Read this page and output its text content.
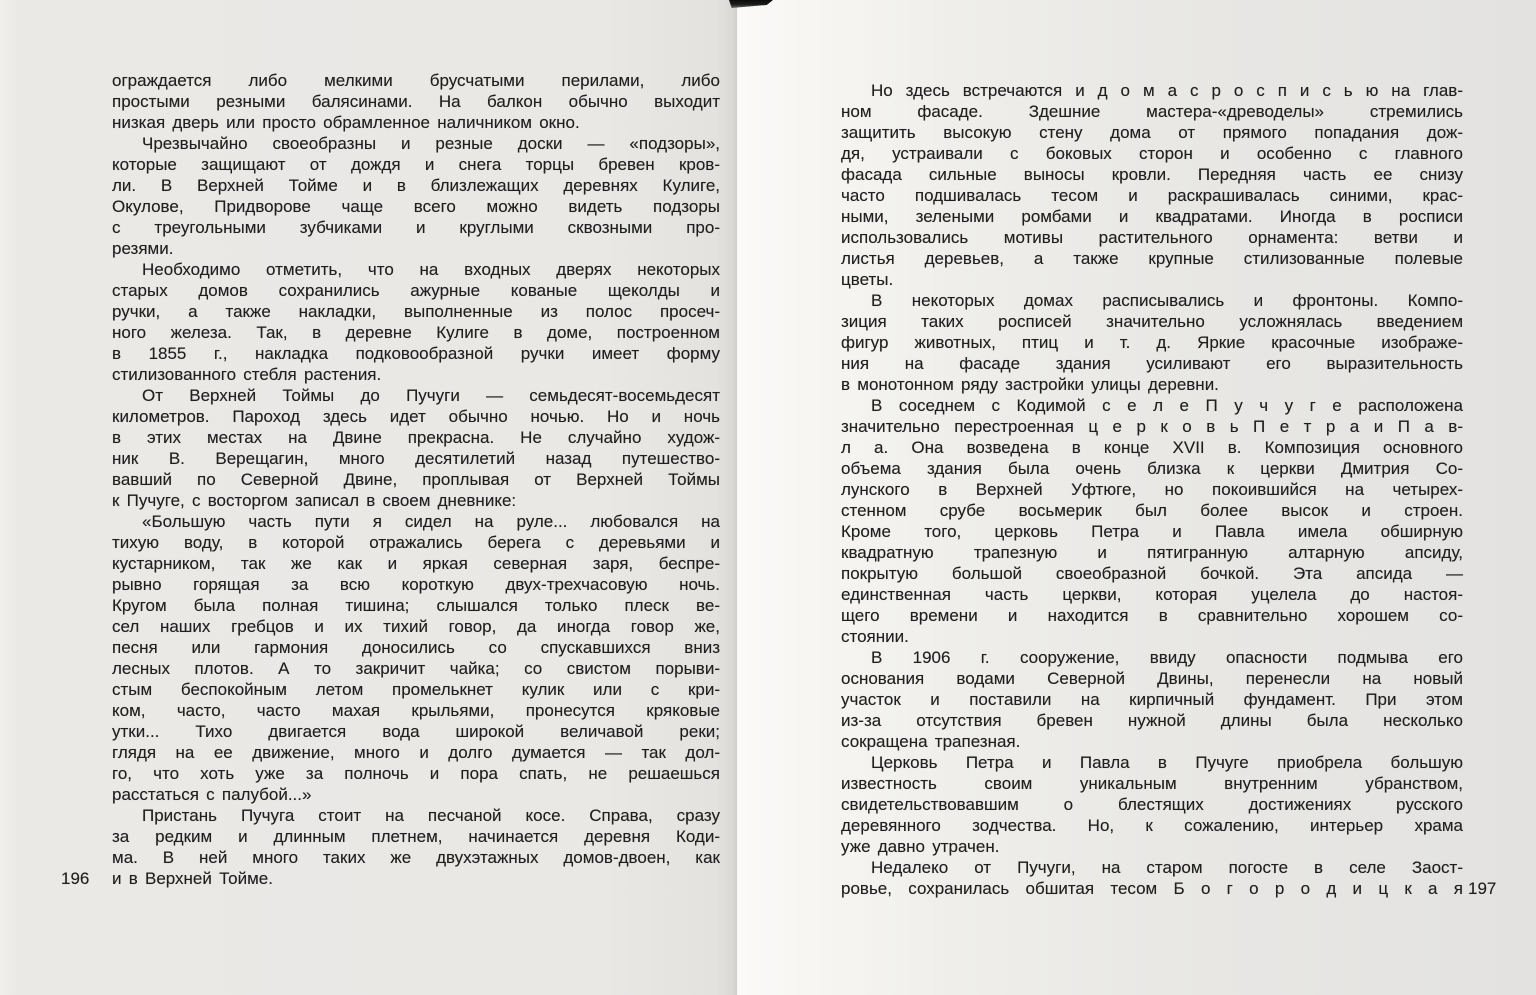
ограждается либо мелкими брусчатыми перилами, либо
простыми резными балясинами. На балкон обычно выходит
низкая дверь или просто обрамленное наличником окно.
Чрезвычайно своеобразны и резные доски — «подзоры»,
которые защищают от дождя и снега торцы бревен кров-
ли. В Верхней Тойме и в близлежащих деревнях Кулиге,
Окулове, Придворове чаще всего можно видеть подзоры
с треугольными зубчиками и круглыми сквозными про-
резями.
Необходимо отметить, что на входных дверях некоторых
старых домов сохранились ажурные кованые щеколды и
ручки, а также накладки, выполненные из полос просеч-
ного железа. Так, в деревне Кулиге в доме, построенном
в 1855 г., накладка подковообразной ручки имеет форму
стилизованного стебля растения.
От Верхней Тоймы до Пучуги — семьдесят-восемьдесят
километров. Пароход здесь идет обычно ночью. Но и ночь
в этих местах на Двине прекрасна. Не случайно худож-
ник В. Верещагин, много десятилетий назад путешество-
вавший по Северной Двине, проплывая от Верхней Тоймы
к Пучуге, с восторгом записал в своем дневнике:
«Большую часть пути я сидел на руле... любовался на
тихую воду, в которой отражались берега с деревьями и
кустарником, так же как и яркая северная заря, беспре-
рывно горящая за всю короткую двух-трехчасовую ночь.
Кругом была полная тишина; слышался только плеск ве-
сел наших гребцов и их тихий говор, да иногда говор же,
песня или гармония доносились со спускавшихся вниз
лесных плотов. А то закричит чайка; со свистом порыви-
стым беспокойным летом промелькнет кулик или с кри-
ком, часто, часто махая крыльями, пронесутся кряковые
утки... Тихо двигается вода широкой величавой реки;
глядя на ее движение, много и долго думается — так дол-
го, что хоть уже за полночь и пора спать, не решаешься
расстаться с палубой...»
Пристань Пучуга стоит на песчаной косе. Справа, сразу
за редким и длинным плетнем, начинается деревня Коди-
ма. В ней много таких же двухэтажных домов-двоен, как
и в Верхней Тойме.
Но здесь встречаются и д о м а с р о с п и с ь ю на глав-
ном фасаде. Здешние мастера-«древоделы» стремились
защитить высокую стену дома от прямого попадания дож-
дя, устраивали с боковых сторон и особенно с главного
фасада сильные выносы кровли. Передняя часть ее снизу
часто подшивалась тесом и раскрашивалась синими, крас-
ными, зелеными ромбами и квадратами. Иногда в росписи
использовались мотивы растительного орнамента: ветви и
листья деревьев, а также крупные стилизованные полевые
цветы.
В некоторых домах расписывались и фронтоны. Компо-
зиция таких росписей значительно усложнялась введением
фигур животных, птиц и т. д. Яркие красочные изображе-
ния на фасаде здания усиливают его выразительность
в монотонном ряду застройки улицы деревни.
В соседнем с Кодимой с е л е П у ч у г е расположена
значительно перестроенная ц е р к о в ь П е т р а и П а в-
л а. Она возведена в конце XVII в. Композиция основного
объема здания была очень близка к церкви Дмитрия Со-
лунского в Верхней Уфтюге, но покоившийся на четырех-
стенном срубе восьмерик был более высок и строен.
Кроме того, церковь Петра и Павла имела обширную
квадратную трапезную и пятигранную алтарную апсиду,
покрытую большой своеобразной бочкой. Эта апсида —
единственная часть церкви, которая уцелела до настоя-
щего времени и находится в сравнительно хорошем со-
стоянии.
В 1906 г. сооружение, ввиду опасности подмыва его
основания водами Северной Двины, перенесли на новый
участок и поставили на кирпичный фундамент. При этом
из-за отсутствия бревен нужной длины была несколько
сокращена трапезная.
Церковь Петра и Павла в Пучуге приобрела большую
известность своим уникальным внутренним убранством,
свидетельствовавшим о блестящих достижениях русского
деревянного зодчества. Но, к сожалению, интерьер храма
уже давно утрачен.
Недалеко от Пучуги, на старом погосте в селе Заост-
ровье, сохранилась обшитая тесом Б о г о р о д и ц к а я
196
197
